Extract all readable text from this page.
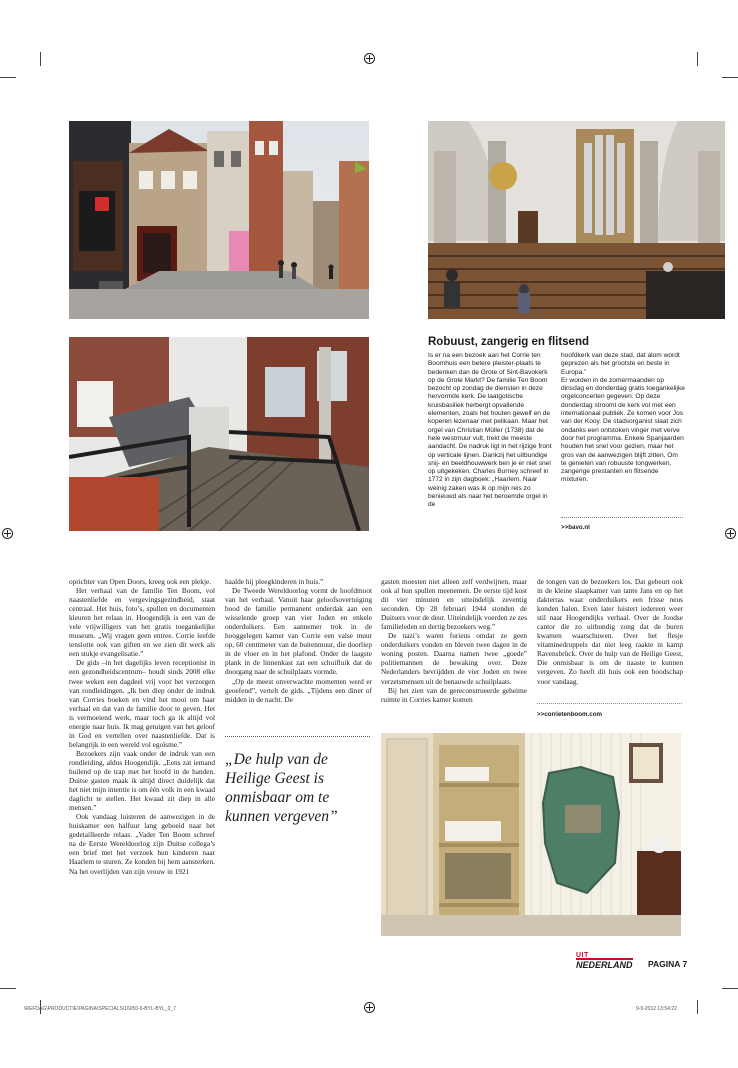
Robuust, zangerig en flitsend
Is er na een bezoek aan het Corrie ten Boomhuis een betere pleister-plaats te bedenken dan de Grote of Sint-Bavokerk op de Grote Markt? De familie Ten Boom bezocht op zondag de diensten in deze hervormde kerk. De laatgotische kruisbasiliek herbergt opvallende elementen, zoals het houten gewelf en de koperen lezenaar met pelikaan. Maar het orgel van Christian Müller (1738) dat de hele westmuur vult, trekt de meeste aandacht. De nadruk ligt in het rijzige front op verticale lijnen. Dankzij het uitbundige snij- en beeldhouwwerk ben je er niet snel op uitgekeken. Charles Burney schreef in 1772 in zijn dagboek: „Haarlem. Naar weinig zaken was ik op mijn reis zo benieuwd als naar het beroemde orgel in de
hoofdkerk van deze stad, dat alom wordt geprezen als het grootste en beste in Europa.”
Er worden in de zomermaanden op dinsdag en donderdag gratis toegankelijke orgelconcerten gegeven. Op deze donderdag stroomt de kerk vol met een internationaal publiek. Ze komen voor Jos van der Kooy. De stadsorganist slaat zich ondanks een ontstoken vinger met verve door het programma. Enkele Spanjaarden houden het snel voor gezien, maar het gros van de aanwezigen blijft zitten, Om te genieten van robuuste tongwerken, zangerige prestanten en flitsende mixturen.
>>bavo.nl

oprichter van Open Doors, kreeg ook een plekje.

Het verhaal van de familie Ten Boom, vol naastenliefde en vergevingsgezindheid, staat centraal. Het huis, foto’s, spullen en documenten kleuren het relaas in. Hoogendijk is een van de vele vrijwilligers van het gratis toegankelijke museum. „Wij vragen geen entree. Corrie leefde tenslotte ook van giften en we zien dit werk als een stukje evangelisatie.”

De gids –in het dagelijks leven receptionist in een gezondheidscentrum– houdt sinds 2008 elke twee weken een dagdeel vrij voor het verzorgen van rondleidingen. „Ik ben diep onder de indruk van Corries boeken en vind het mooi om haar verhaal en dat van de familie door te geven. Het is vermoeiend werk, maar toch ga ik altijd vol energie naar huis. Ik mag getuigen van het geloof in God en vertellen over naastenliefde. Dat is belangrijk in een wereld vol egoïsme.”

Bezoekers zijn vaak onder de indruk van een rondleiding, aldus Hoogendijk. „Eens zat iemand huilend op de trap met het hoofd in de handen. Duitse gasten maak ik altijd direct duidelijk dat het niet mijn intentie is om één volk in een kwaad daglicht te stellen. Het kwaad zit diep in alle mensen.”

Ook vandaag luisteren de aanwezigen in de huiskamer een halfuur lang geboeid naar het gedetailleerde relaas. „Vader Ten Boom schreef na de Eerste Wereldoorlog zijn Duitse collega’s een brief met het verzoek hun kinderen naar Haarlem te sturen. Ze konden bij hem aansterken. Na het overlijden van zijn vrouw in 1921

haalde hij pleegkinderen in huis.”

De Tweede Wereldoorlog vormt de hoofdmoot van het verhaal. Vanuit haar geloofsovertuiging bood de familie permanent onderdak aan een wisselende groep van vier Joden en enkele onderduikers. Een aannemer trok in de hooggelegen kamer van Corrie een valse muur op, 60 centimeter van de buitenmuur, die doorliep in de vloer en in het plafond. Onder de laagste plank in de linnenkast zat een schuifluik dat de doorgang naar de schuilplaats vormde.

„Op de meest onverwachte momenten werd er geoefend”, vertelt de gids. „Tijdens een diner of midden in de nacht. De

„De hulp van de Heilige Geest is onmisbaar om te kunnen vergeven”

gasten moesten niet alleen zelf verdwijnen, maar ook al hun spullen meenemen. De eerste tijd kost dit vier minuten en uiteindelijk zeventig seconden. Op 28 februari 1944 stonden de Duitsers voor de deur. Uiteindelijk voerden ze zes familieleden en dertig bezoekers weg.”

De nazi’s waren furieus omdat ze geen onderduikers vonden en bleven twee dagen in de woning posten. Daarna namen twee „goede” politiemannen de bewaking over. Deze Nederlanders bevrijdden de vier Joden en twee verzetsmensen uit de benauwde schuilplaats.

Bij het zien van de gereconstrueerde geheime ruimte in Corries kamer komen

de tongen van de bezoekers los. Dat gebeurt ook in de kleine slaapkamer van tante Jans en op het dakterras waar onderduikers een frisse neus konden halen. Even later luistert iedereen weer stil naar Hoogendijks verhaal. Over de Joodse cantor die zo uitbundig zong dat de buren kwamen waarschuwen. Over het flesje vitaminedruppels dat niet leeg raakte in kamp Ravensbrück. Over de hulp van de Heilige Geest, Die onmisbaar is om de naaste te kunnen vergeven. Zo heeft dit huis ook een boodschap voor vandaag.

>>corrietenboom.com
UIT
NEDERLAND PAGINA 7
\REFDAG\PRODUCTIE\PAGINA\SPECIALS\16050-6-BYL-BYL_0_7	9-5-2012 13:54:22
